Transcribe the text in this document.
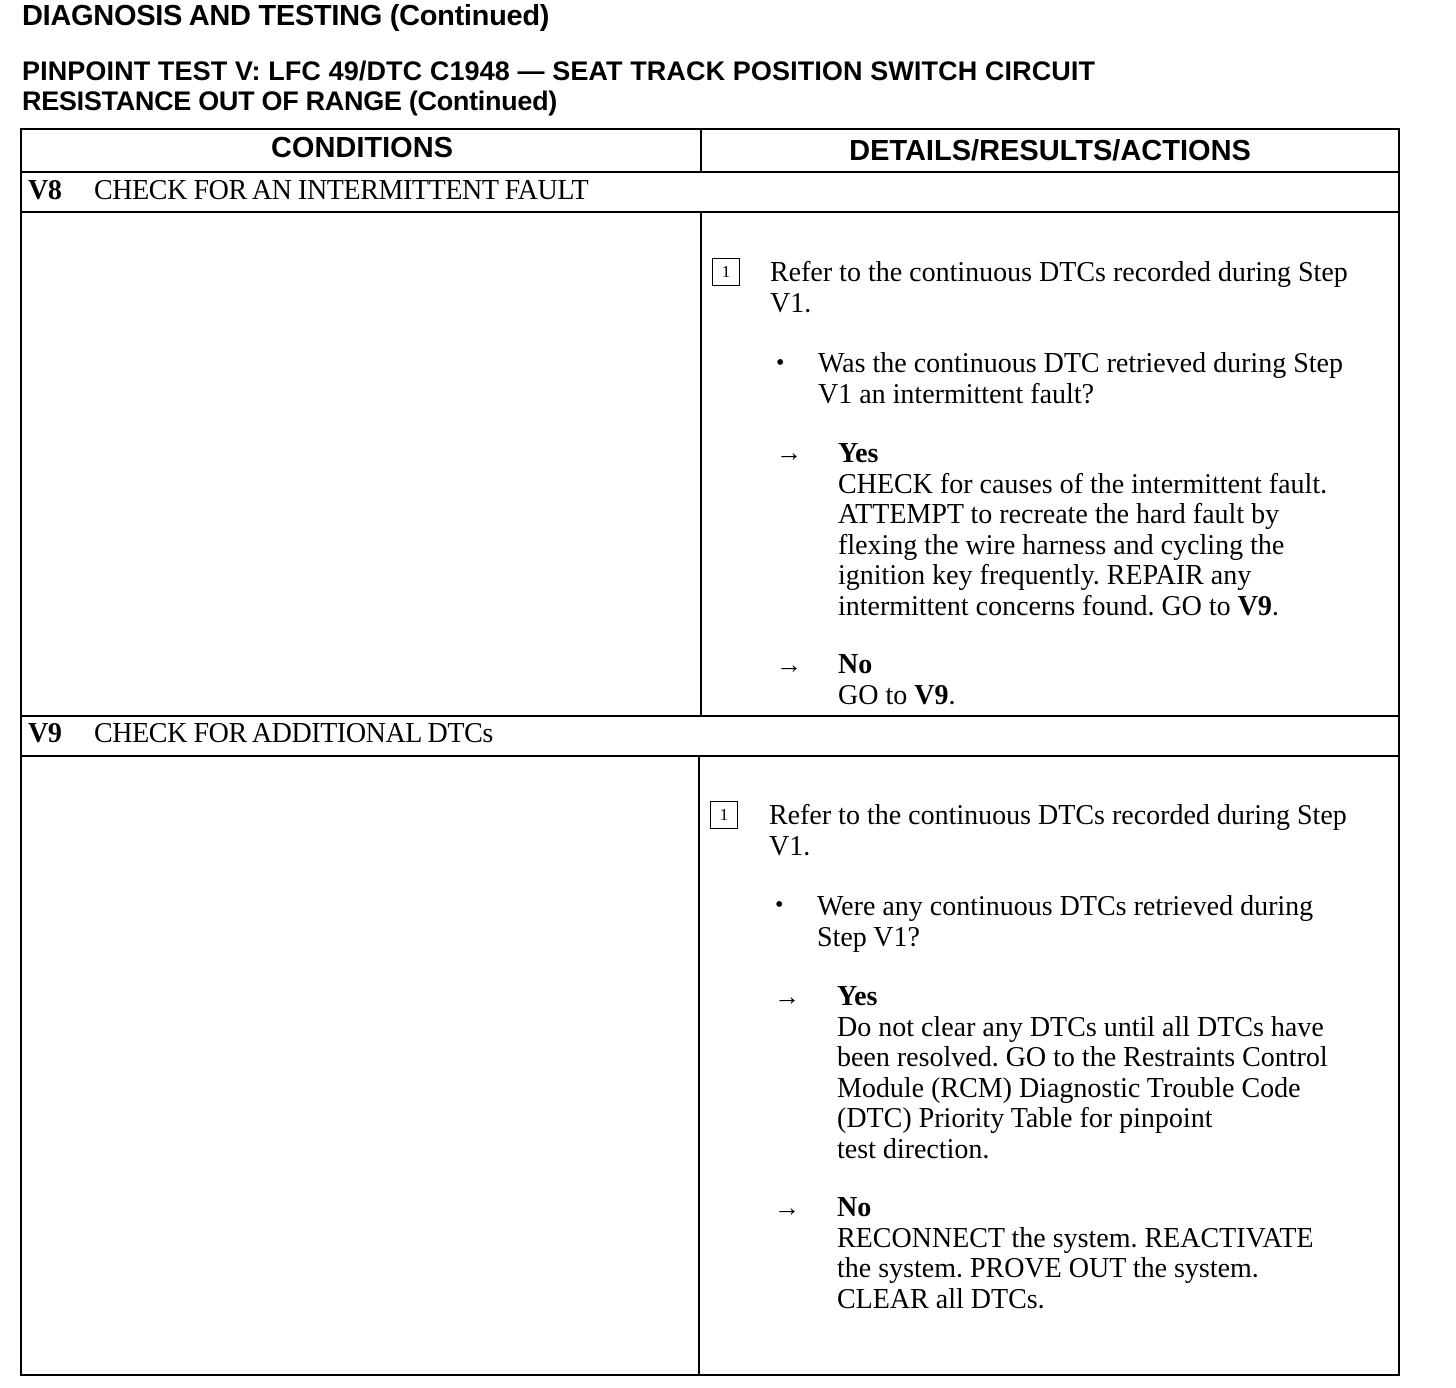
DIAGNOSIS AND TESTING (Continued)
PINPOINT TEST V: LFC 49/DTC C1948 — SEAT TRACK POSITION SWITCH CIRCUIT
RESISTANCE OUT OF RANGE (Continued)
CONDITIONS	DETAILS/RESULTS/ACTIONS
V8 CHECK FOR AN INTERMITTENT FAULT
1	Refer to the continuous DTCs recorded during Step
V1.
• Was the continuous DTC retrieved during Step
V1 an intermittent fault?
→ Yes
CHECK for causes of the intermittent fault.
ATTEMPT to recreate the hard fault by
flexing the wire harness and cycling the
ignition key frequently. REPAIR any
intermittent concerns found. GO to V9.
→ No
GO to V9.
V9 CHECK FOR ADDITIONAL DTCs
1	Refer to the continuous DTCs recorded during Step
V1.
• Were any continuous DTCs retrieved during
Step V1?
→ Yes
Do not clear any DTCs until all DTCs have
been resolved. GO to the Restraints Control
Module (RCM) Diagnostic Trouble Code
(DTC) Priority Table for pinpoint
test direction.
→ No
RECONNECT the system. REACTIVATE
the system. PROVE OUT the system.
CLEAR all DTCs.
